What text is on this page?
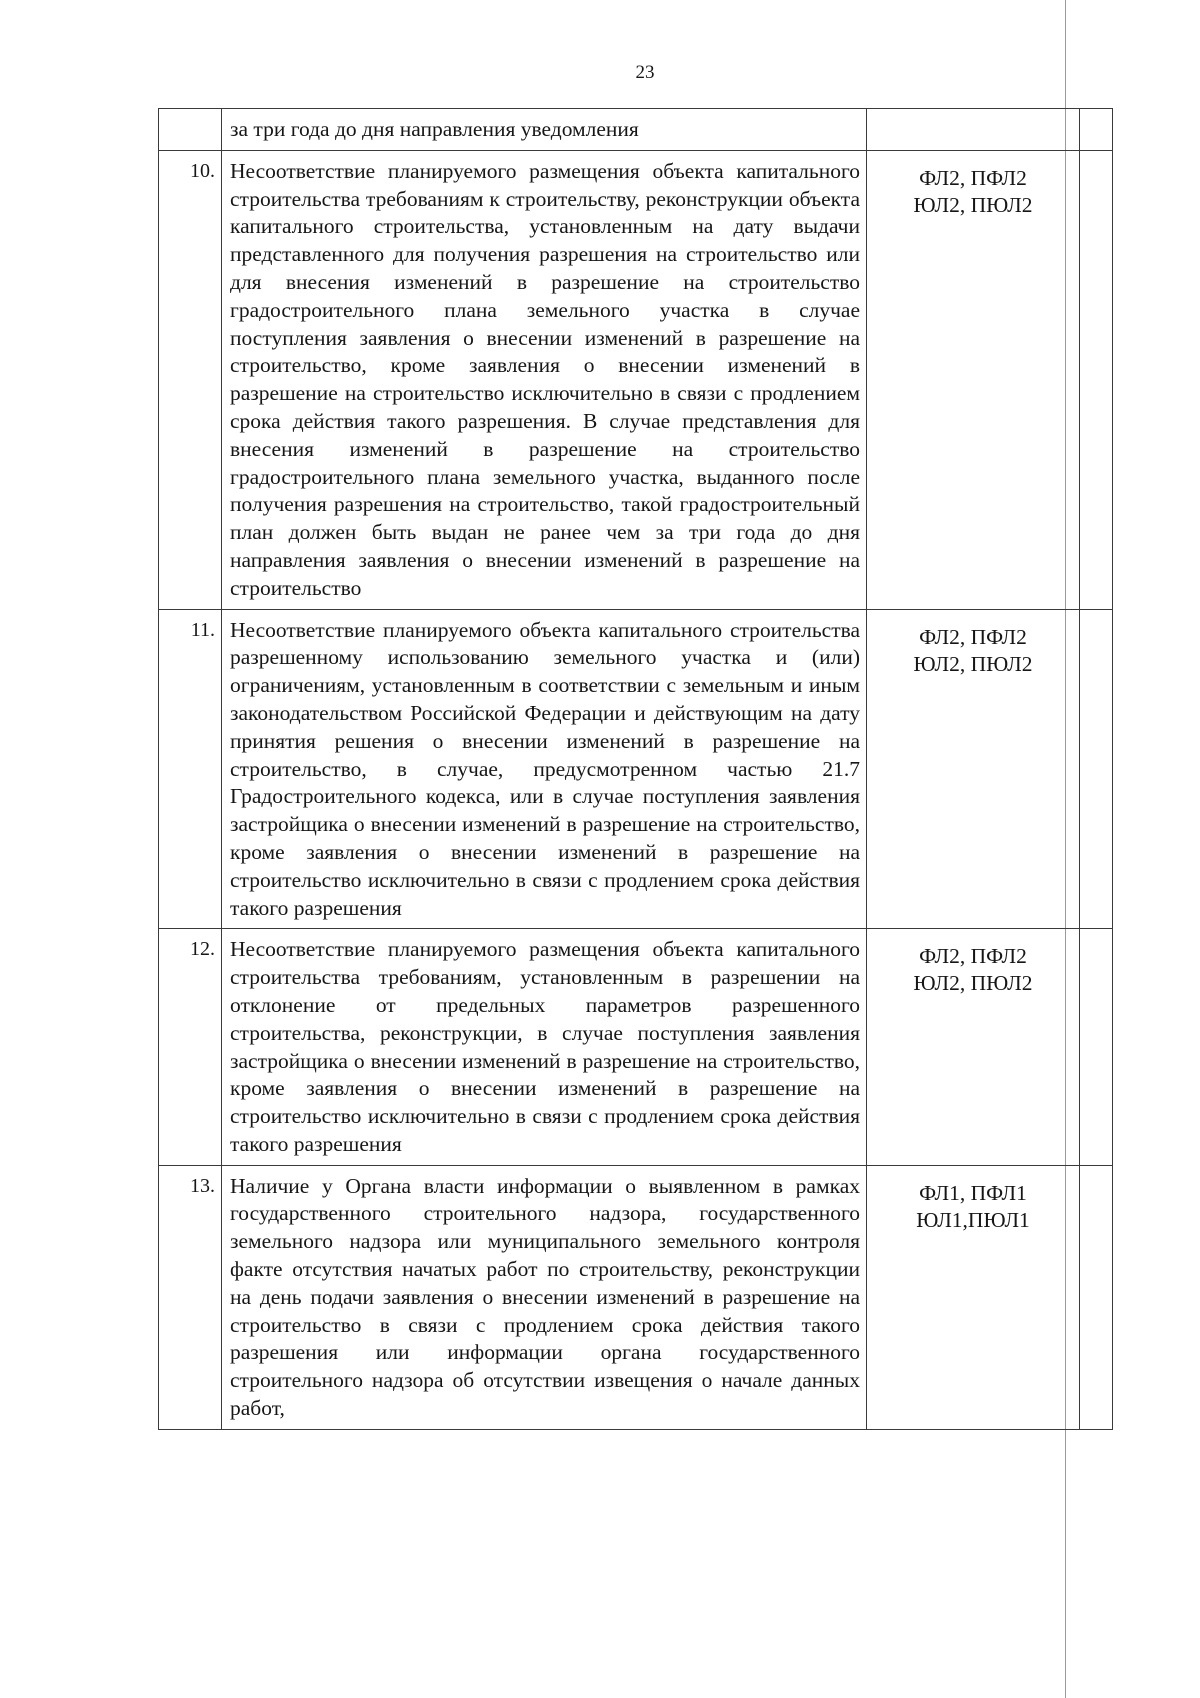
23
	за три года до дня направления уведомления		
10.	Несоответствие планируемого размещения объекта капитального строительства требованиям к строительству, реконструкции объекта капитального строительства, установленным на дату выдачи представленного для получения разрешения на строительство или для внесения изменений в разрешение на строительство градостроительного плана земельного участка в случае поступления заявления о внесении изменений в разрешение на строительство, кроме заявления о внесении изменений в разрешение на строительство исключительно в связи с продлением срока действия такого разрешения. В случае представления для внесения изменений в разрешение на строительство градостроительного плана земельного участка, выданного после получения разрешения на строительство, такой градостроительный план должен быть выдан не ранее чем за три года до дня направления заявления о внесении изменений в разрешение на строительство	ФЛ2, ПФЛ2
ЮЛ2, ПЮЛ2	

11.	Несоответствие планируемого объекта капитального строительства разрешенному использованию земельного участка и (или) ограничениям, установленным в соответствии с земельным и иным законодательством Российской Федерации и действующим на дату принятия решения о внесении изменений в разрешение на строительство, в случае, предусмотренном частью 21.7 Градостроительного кодекса, или в случае поступления заявления застройщика о внесении изменений в разрешение на строительство, кроме заявления о внесении изменений в разрешение на строительство исключительно в связи с продлением срока действия такого разрешения	ФЛ2, ПФЛ2
ЮЛ2, ПЮЛ2	

12.	Несоответствие планируемого размещения объекта капитального строительства требованиям, установленным в разрешении на отклонение от предельных параметров разрешенного строительства, реконструкции, в случае поступления заявления застройщика о внесении изменений в разрешение на строительство, кроме заявления о внесении изменений в разрешение на строительство исключительно в связи с продлением срока действия такого разрешения	ФЛ2, ПФЛ2
ЮЛ2, ПЮЛ2	

13.	Наличие у Органа власти информации о выявленном в рамках государственного строительного надзора, государственного земельного надзора или муниципального земельного контроля факте отсутствия начатых работ по строительству, реконструкции на день подачи заявления о внесении изменений в разрешение на строительство в связи с продлением срока действия такого разрешения или информации органа государственного строительного надзора об отсутствии извещения о начале данных работ,	ФЛ1, ПФЛ1
ЮЛ1,ПЮЛ1	
